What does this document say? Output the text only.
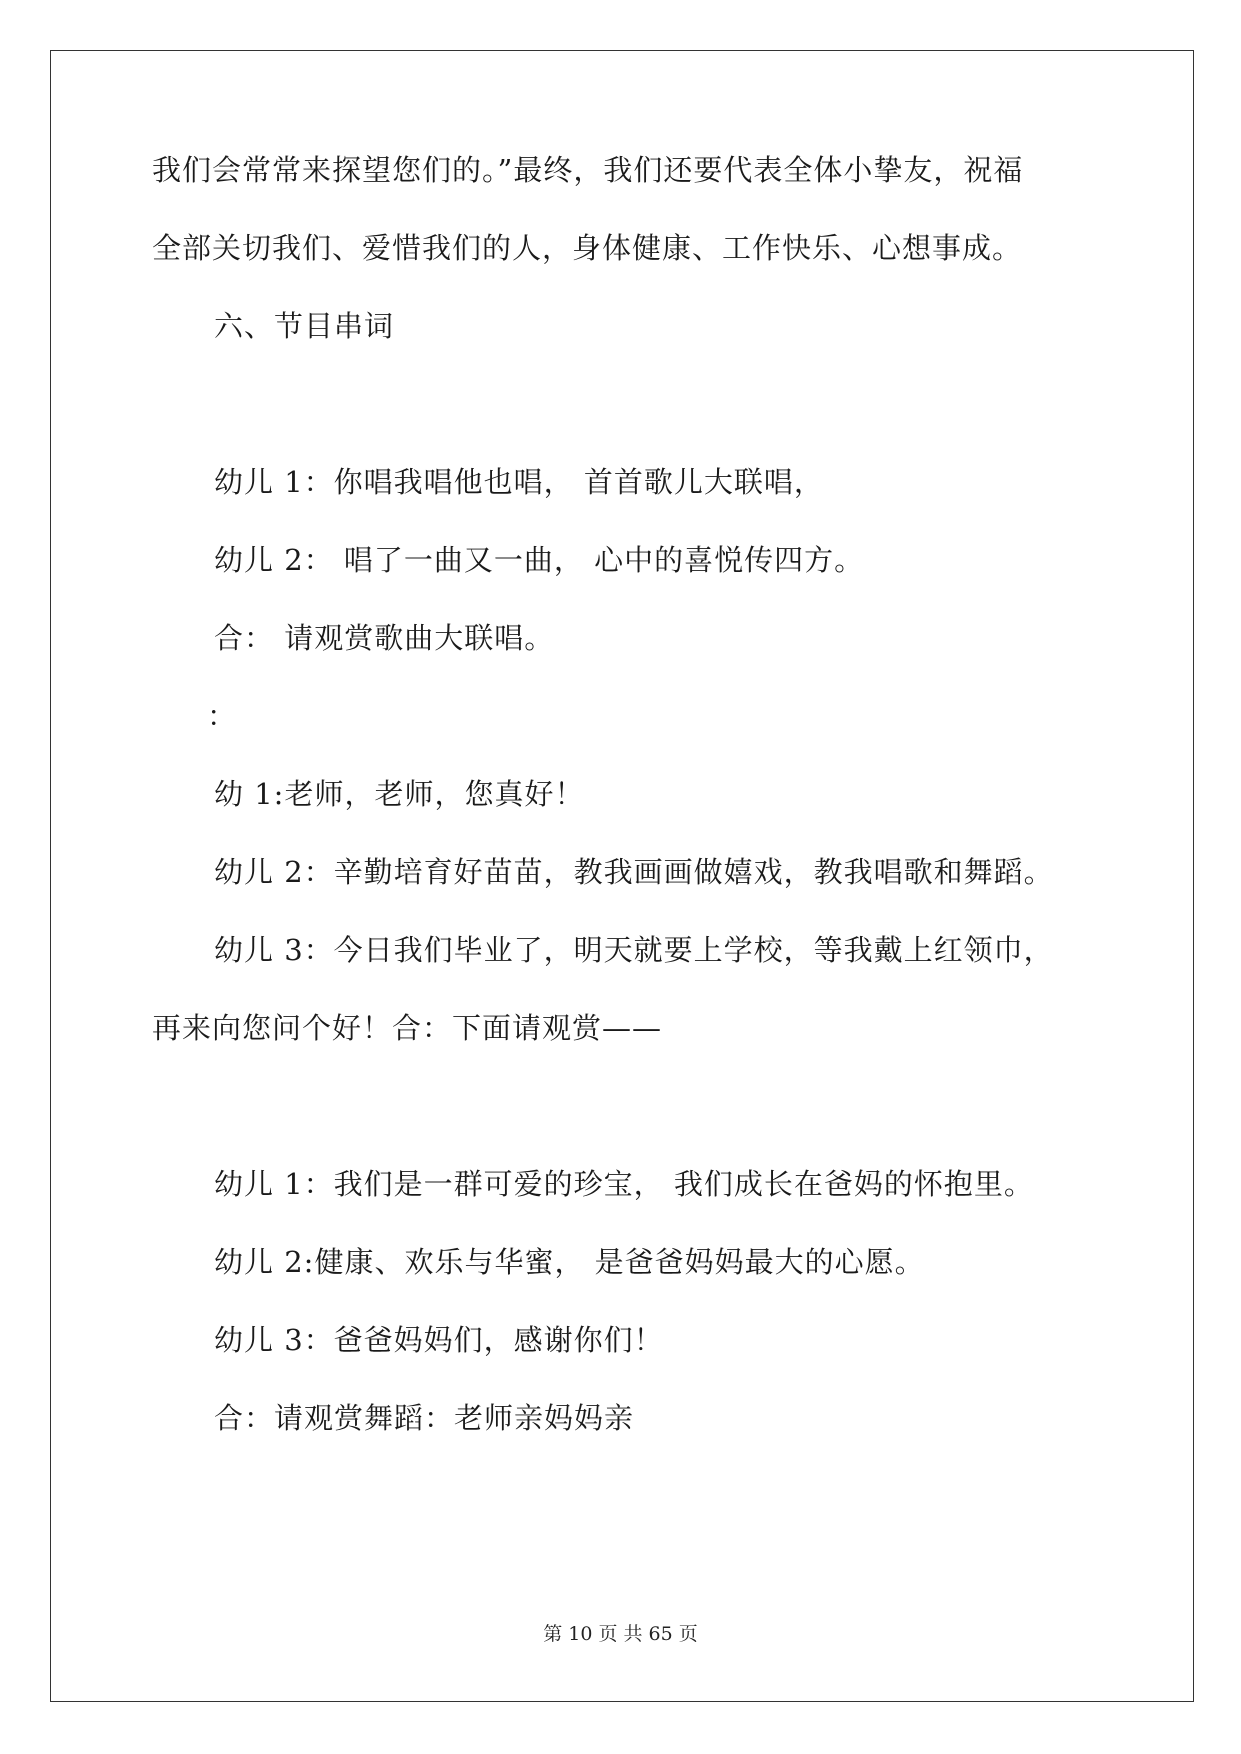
我们会常常来探望您们的。”最终，我们还要代表全体小挚友，祝福
全部关切我们、爱惜我们的人，身体健康、工作快乐、心想事成。
六、节目串词
幼儿 1：你唱我唱他也唱， 首首歌儿大联唱，
幼儿 2： 唱了一曲又一曲， 心中的喜悦传四方。
合： 请观赏歌曲大联唱。
：
幼 1:老师，老师，您真好！
幼儿 2：辛勤培育好苗苗，教我画画做嬉戏，教我唱歌和舞蹈。
幼儿 3：今日我们毕业了，明天就要上学校，等我戴上红领巾，
再来向您问个好！合：下面请观赏——
幼儿 1：我们是一群可爱的珍宝， 我们成长在爸妈的怀抱里。
幼儿 2:健康、欢乐与华蜜， 是爸爸妈妈最大的心愿。
幼儿 3：爸爸妈妈们，感谢你们！
合：请观赏舞蹈：老师亲妈妈亲
第 10 页 共 65 页
